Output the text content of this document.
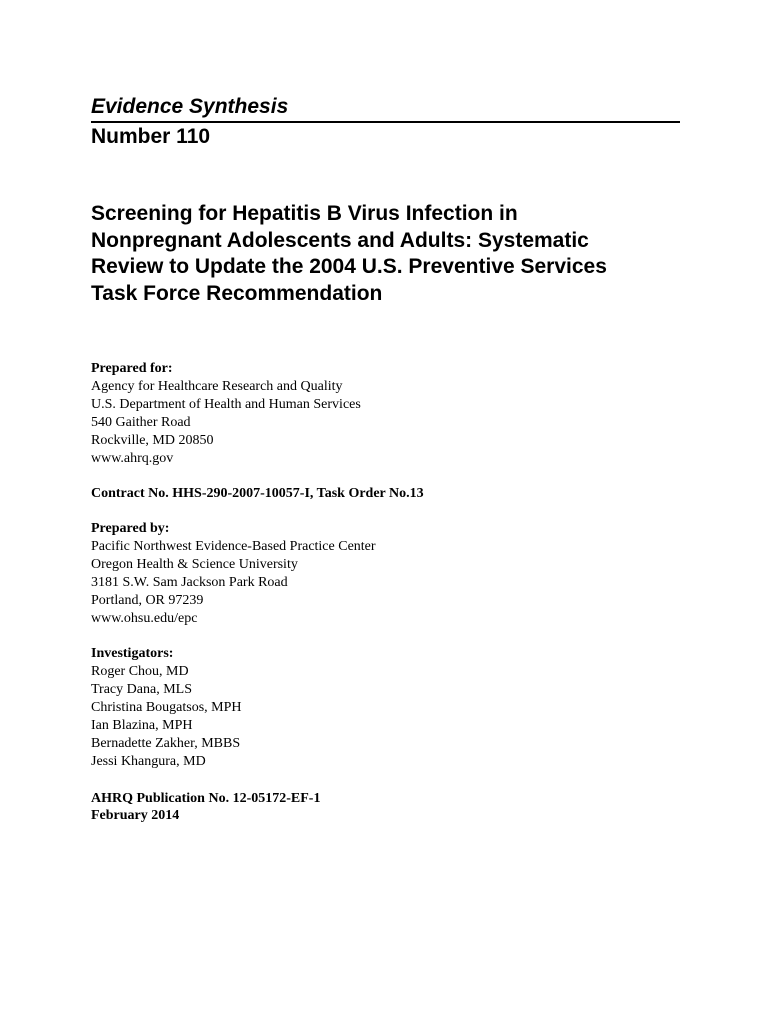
Evidence Synthesis

Number 110

Screening for Hepatitis B Virus Infection in
Nonpregnant Adolescents and Adults: Systematic
Review to Update the 2004 U.S. Preventive Services
Task Force Recommendation
Prepared for:
Agency for Healthcare Research and Quality
U.S. Department of Health and Human Services
540 Gaither Road
Rockville, MD 20850
www.ahrq.gov

Contract No. HHS-290-2007-10057-I, Task Order No.13

Prepared by:
Pacific Northwest Evidence-Based Practice Center
Oregon Health & Science University
3181 S.W. Sam Jackson Park Road
Portland, OR 97239
www.ohsu.edu/epc
Investigators:
Roger Chou, MD
Tracy Dana, MLS
Christina Bougatsos, MPH
Ian Blazina, MPH
Bernadette Zakher, MBBS
Jessi Khangura, MD

AHRQ Publication No. 12-05172-EF-1

February 2014
